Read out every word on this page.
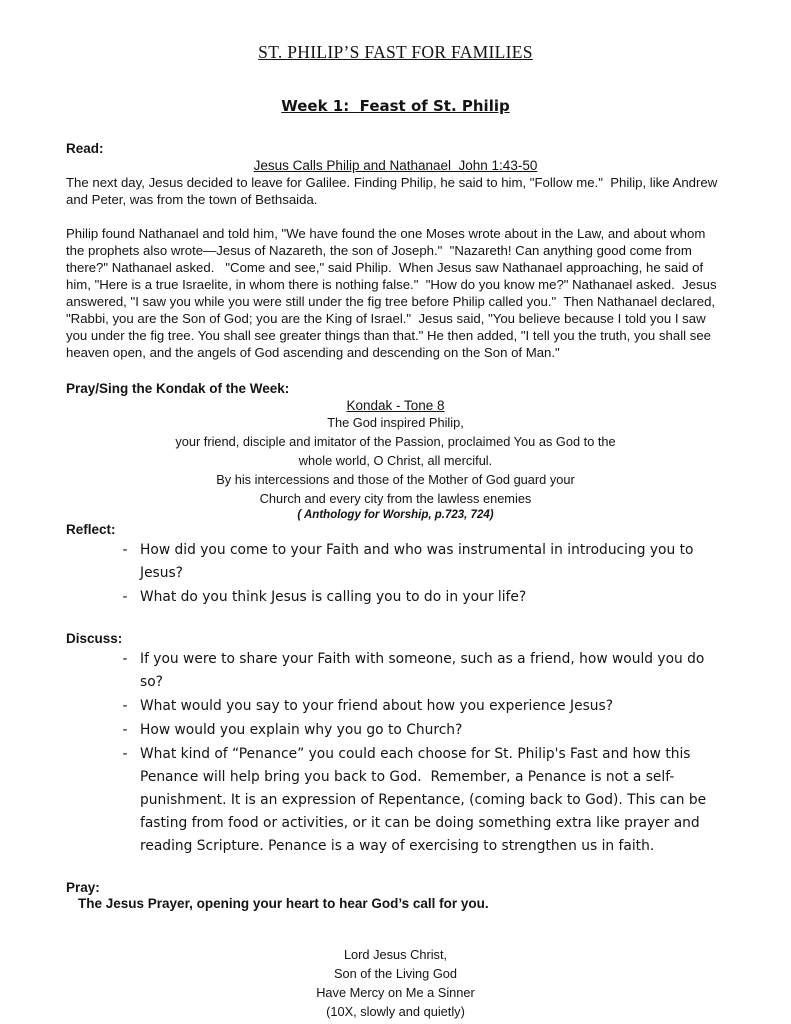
ST. PHILIP’S FAST FOR FAMILIES
Week 1:  Feast of St. Philip
Read:
Jesus Calls Philip and Nathanael  John 1:43-50

The next day, Jesus decided to leave for Galilee. Finding Philip, he said to him, "Follow me."  Philip, like Andrew and Peter, was from the town of Bethsaida.

Philip found Nathanael and told him, "We have found the one Moses wrote about in the Law, and about whom the prophets also wrote—Jesus of Nazareth, the son of Joseph."  "Nazareth! Can anything good come from there?" Nathanael asked.   "Come and see," said Philip.  When Jesus saw Nathanael approaching, he said of him, "Here is a true Israelite, in whom there is nothing false."  "How do you know me?" Nathanael asked.  Jesus answered, "I saw you while you were still under the fig tree before Philip called you."  Then Nathanael declared, "Rabbi, you are the Son of God; you are the King of Israel."  Jesus said, "You believe because I told you I saw you under the fig tree. You shall see greater things than that." He then added, "I tell you the truth, you shall see heaven open, and the angels of God ascending and descending on the Son of Man."

Pray/Sing the Kondak of the Week:
Kondak - Tone 8
The God inspired Philip,
your friend, disciple and imitator of the Passion, proclaimed You as God to the
whole world, O Christ, all merciful.
By his intercessions and those of the Mother of God guard your
Church and every city from the lawless enemies
( Anthology for Worship, p.723, 724)
Reflect:
- How did you come to your Faith and who was instrumental in introducing you to Jesus?
- What do you think Jesus is calling you to do in your life?
Discuss:
- If you were to share your Faith with someone, such as a friend, how would you do so?
- What would you say to your friend about how you experience Jesus?
- How would you explain why you go to Church?
- What kind of “Penance” you could each choose for St. Philip's Fast and how this Penance will help bring you back to God.  Remember, a Penance is not a self-punishment. It is an expression of Repentance, (coming back to God). This can be fasting from food or activities, or it can be doing something extra like prayer and reading Scripture. Penance is a way of exercising to strengthen us in faith.
Pray:
The Jesus Prayer, opening your heart to hear God’s call for you.
Lord Jesus Christ,
Son of the Living God
Have Mercy on Me a Sinner
(10X, slowly and quietly)
